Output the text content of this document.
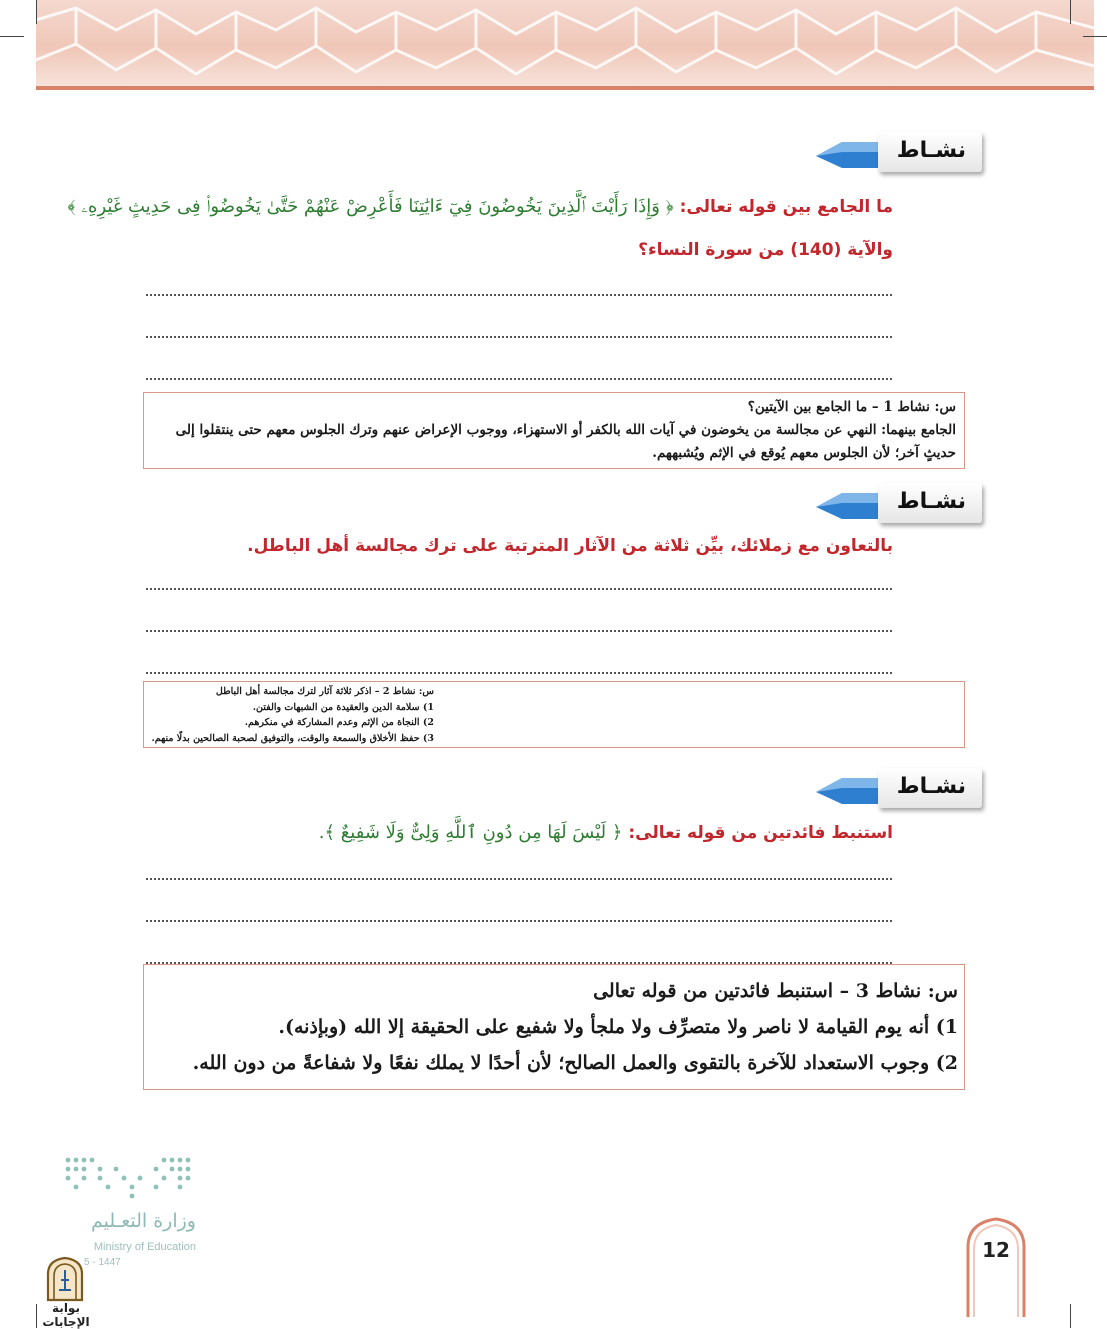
نشـاط
ما الجامع بين قوله تعالى: ﴿ وَإِذَا رَأَيْتَ ٱلَّذِينَ يَخُوضُونَ فِيٓ ءَايَٰتِنَا فَأَعْرِضْ عَنْهُمْ حَتَّىٰ يَخُوضُوا۟ فِى حَدِيثٍ غَيْرِهِۦ ﴾
والآية (140) من سورة النساء؟

س: نشاط 1 – ما الجامع بين الآيتين؟

الجامع بينهما: النهي عن مجالسة من يخوضون في آيات الله بالكفر أو الاستهزاء، ووجوب الإعراض عنهم وترك الجلوس معهم حتى ينتقلوا إلى

حديثٍ آخر؛ لأن الجلوس معهم يُوقع في الإثم ويُشبههم.

نشـاط
بالتعاون مع زملائك، بيِّن ثلاثة من الآثار المترتبة على ترك مجالسة أهل الباطل.

س: نشاط 2 – اذكر ثلاثة آثار لترك مجالسة أهل الباطل

1) سلامة الدين والعقيدة من الشبهات والفتن.

2) النجاة من الإثم وعدم المشاركة في منكرهم.

3) حفظ الأخلاق والسمعة والوقت، والتوفيق لصحبة الصالحين بدلًا منهم.

نشـاط
استنبط فائدتين من قوله تعالى: ﴿ لَيْسَ لَهَا مِن دُونِ ٱللَّهِ وَلِىٌّ وَلَا شَفِيعٌ ﴾.

س: نشاط 3 – استنبط فائدتين من قوله تعالى

1) أنه يوم القيامة لا ناصر ولا متصرِّف ولا ملجأ ولا شفيع على الحقيقة إلا الله (وبإذنه).

2) وجوب الاستعداد للآخرة بالتقوى والعمل الصالح؛ لأن أحدًا لا يملك نفعًا ولا شفاعةً من دون الله.

وزارة التعـليم
Ministry of Education
5 - 1447
بوابة الإجابات
12
